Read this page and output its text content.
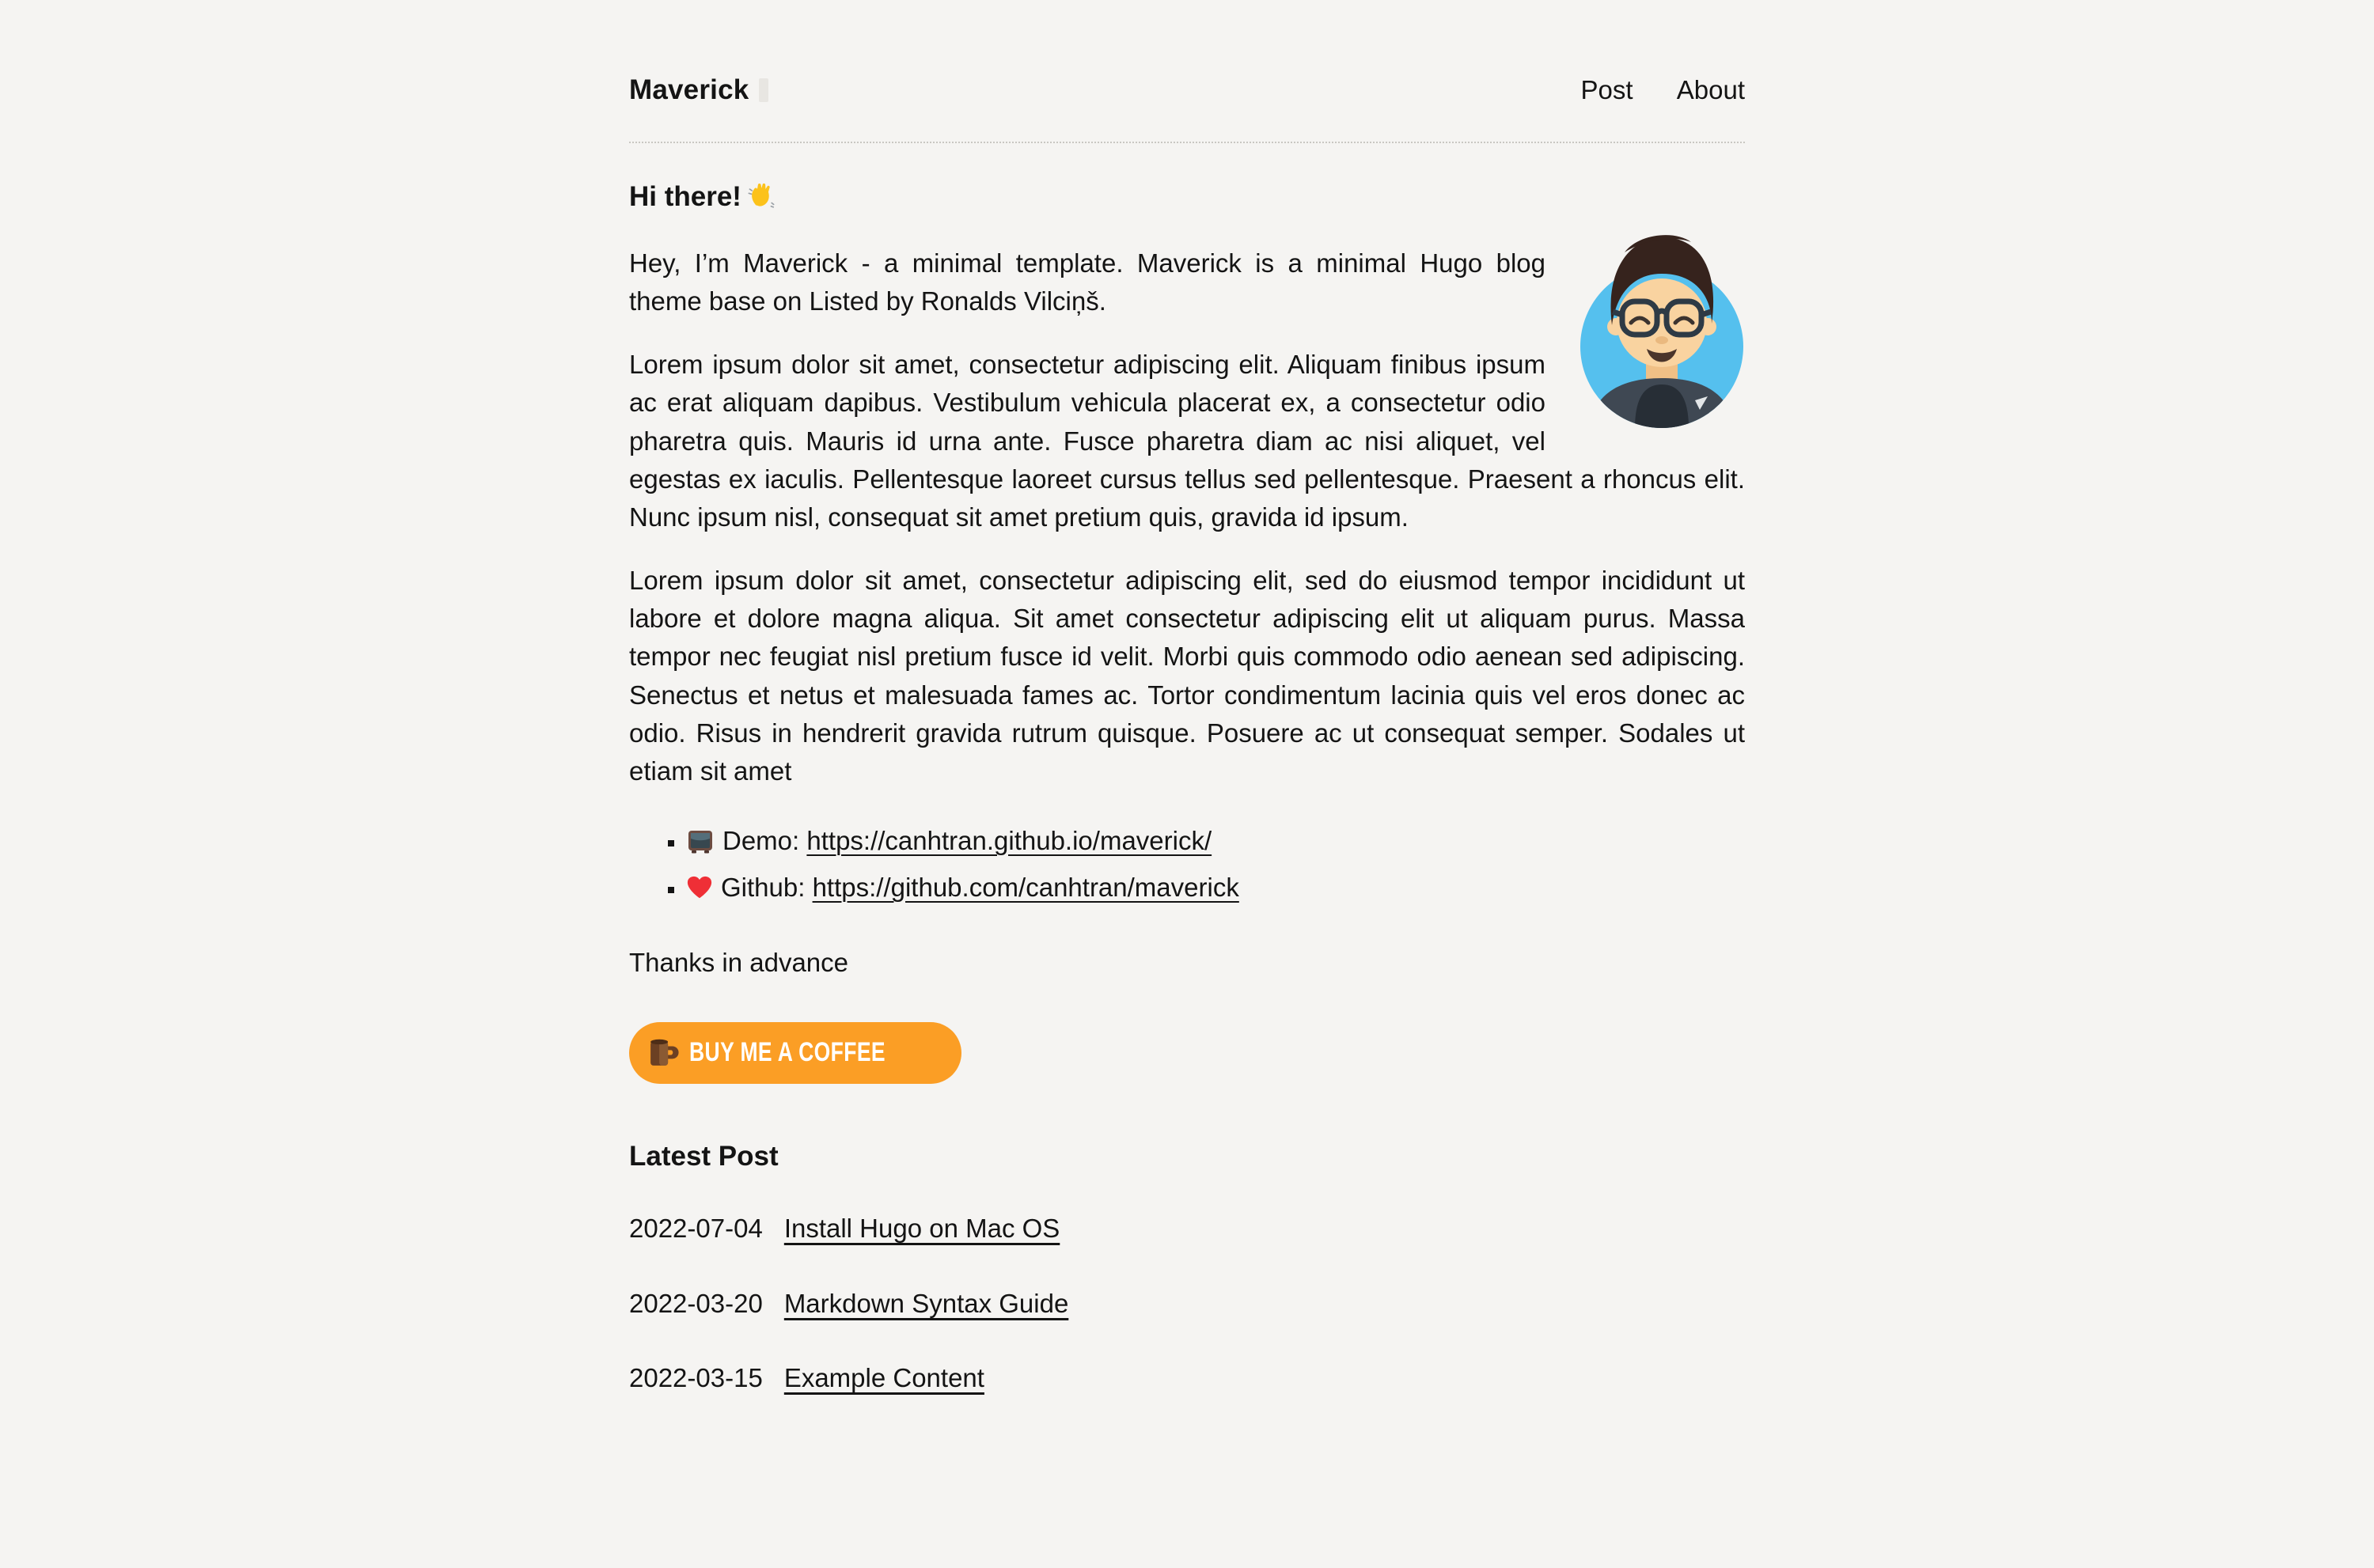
Maverick	Post About
Hi there!

Hey, I’m Maverick - a minimal template. Maverick is a minimal Hugo blog theme base on Listed by Ronalds Vilciņš.

Lorem ipsum dolor sit amet, consectetur adipiscing elit. Aliquam finibus ipsum ac erat aliquam dapibus. Vestibulum vehicula placerat ex, a consectetur odio pharetra quis. Mauris id urna ante. Fusce pharetra diam ac nisi aliquet, vel egestas ex iaculis. Pellentesque laoreet cursus tellus sed pellentesque. Praesent a rhoncus elit. Nunc ipsum nisl, consequat sit amet pretium quis, gravida id ipsum.

Lorem ipsum dolor sit amet, consectetur adipiscing elit, sed do eiusmod tempor incididunt ut labore et dolore magna aliqua. Sit amet consectetur adipiscing elit ut aliquam purus. Massa tempor nec feugiat nisl pretium fusce id velit. Morbi quis commodo odio aenean sed adipiscing. Senectus et netus et malesuada fames ac. Tortor condimentum lacinia quis vel eros donec ac odio. Risus in hendrerit gravida rutrum quisque. Posuere ac ut consequat semper. Sodales ut etiam sit amet

▪ Demo: https://canhtran.github.io/maverick/
▪ Github: https://github.com/canhtran/maverick

Thanks in advance

BUY ME A COFFEE
Latest Post
2022-07-04 Install Hugo on Mac OS
2022-03-20 Markdown Syntax Guide
2022-03-15 Example Content
